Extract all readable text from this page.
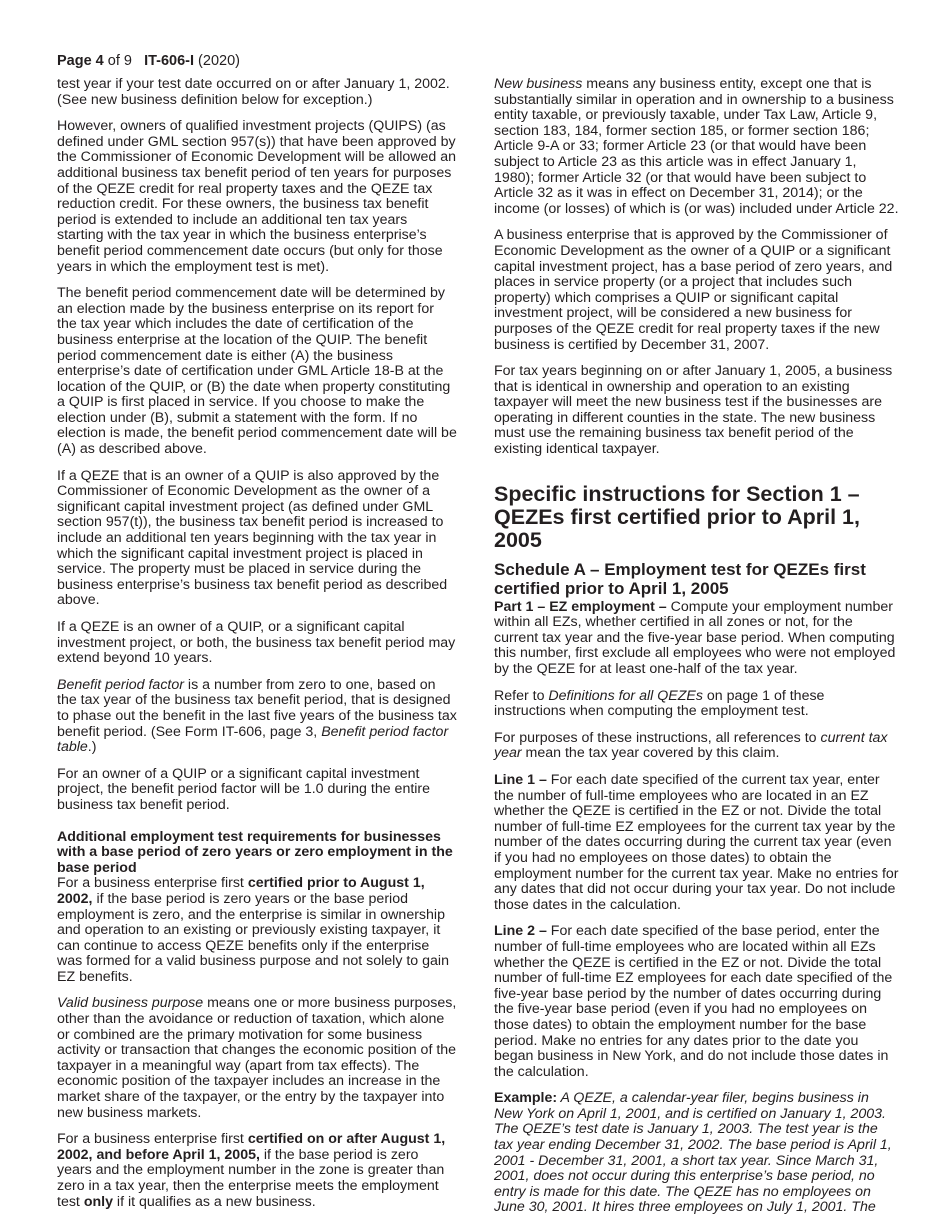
Page 4 of 9 IT-606-I (2020)

test year if your test date occurred on or after January 1, 2002. (See new business definition below for exception.)

However, owners of qualified investment projects (QUIPS) (as defined under GML section 957(s)) that have been approved by the Commissioner of Economic Development will be allowed an additional business tax benefit period of ten years for purposes of the QEZE credit for real property taxes and the QEZE tax reduction credit. For these owners, the business tax benefit period is extended to include an additional ten tax years starting with the tax year in which the business enterprise’s benefit period commencement date occurs (but only for those years in which the employment test is met).

The benefit period commencement date will be determined by an election made by the business enterprise on its report for the tax year which includes the date of certification of the business enterprise at the location of the QUIP. The benefit period commencement date is either (A) the business enterprise’s date of certification under GML Article 18-B at the location of the QUIP, or (B) the date when property constituting a QUIP is first placed in service. If you choose to make the election under (B), submit a statement with the form. If no election is made, the benefit period commencement date will be (A) as described above.

If a QEZE that is an owner of a QUIP is also approved by the Commissioner of Economic Development as the owner of a significant capital investment project (as defined under GML section 957(t)), the business tax benefit period is increased to include an additional ten years beginning with the tax year in which the significant capital investment project is placed in service. The property must be placed in service during the business enterprise’s business tax benefit period as described above.

If a QEZE is an owner of a QUIP, or a significant capital investment project, or both, the business tax benefit period may extend beyond 10 years.

Benefit period factor is a number from zero to one, based on the tax year of the business tax benefit period, that is designed to phase out the benefit in the last five years of the business tax benefit period. (See Form IT-606, page 3, Benefit period factor table.)

For an owner of a QUIP or a significant capital investment project, the benefit period factor will be 1.0 during the entire business tax benefit period.

Additional employment test requirements for businesses with a base period of zero years or zero employment in the base period

For a business enterprise first certified prior to August 1, 2002, if the base period is zero years or the base period employment is zero, and the enterprise is similar in ownership and operation to an existing or previously existing taxpayer, it can continue to access QEZE benefits only if the enterprise was formed for a valid business purpose and not solely to gain EZ benefits.

Valid business purpose means one or more business purposes, other than the avoidance or reduction of taxation, which alone or combined are the primary motivation for some business activity or transaction that changes the economic position of the taxpayer in a meaningful way (apart from tax effects). The economic position of the taxpayer includes an increase in the market share of the taxpayer, or the entry by the taxpayer into new business markets.

For a business enterprise first certified on or after August 1, 2002, and before April 1, 2005, if the base period is zero years and the employment number in the zone is greater than zero in a tax year, then the enterprise meets the employment test only if it qualifies as a new business.

New business means any business entity, except one that is substantially similar in operation and in ownership to a business entity taxable, or previously taxable, under Tax Law, Article 9, section 183, 184, former section 185, or former section 186; Article 9-A or 33; former Article 23 (or that would have been subject to Article 23 as this article was in effect January 1, 1980); former Article 32 (or that would have been subject to Article 32 as it was in effect on December 31, 2014); or the income (or losses) of which is (or was) included under Article 22.

A business enterprise that is approved by the Commissioner of Economic Development as the owner of a QUIP or a significant capital investment project, has a base period of zero years, and places in service property (or a project that includes such property) which comprises a QUIP or significant capital investment project, will be considered a new business for purposes of the QEZE credit for real property taxes if the new business is certified by December 31, 2007.

For tax years beginning on or after January 1, 2005, a business that is identical in ownership and operation to an existing taxpayer will meet the new business test if the businesses are operating in different counties in the state. The new business must use the remaining business tax benefit period of the existing identical taxpayer.

Specific instructions for Section 1 – QEZEs first certified prior to April 1, 2005
Schedule A – Employment test for QEZEs first certified prior to April 1, 2005

Part 1 – EZ employment – Compute your employment number within all EZs, whether certified in all zones or not, for the current tax year and the five-year base period. When computing this number, first exclude all employees who were not employed by the QEZE for at least one-half of the tax year.

Refer to Definitions for all QEZEs on page 1 of these instructions when computing the employment test.

For purposes of these instructions, all references to current tax year mean the tax year covered by this claim.

Line 1 – For each date specified of the current tax year, enter the number of full-time employees who are located in an EZ whether the QEZE is certified in the EZ or not. Divide the total number of full-time EZ employees for the current tax year by the number of the dates occurring during the current tax year (even if you had no employees on those dates) to obtain the employment number for the current tax year. Make no entries for any dates that did not occur during your tax year. Do not include those dates in the calculation.

Line 2 – For each date specified of the base period, enter the number of full-time employees who are located within all EZs whether the QEZE is certified in the EZ or not. Divide the total number of full-time EZ employees for each date specified of the five-year base period by the number of dates occurring during the five-year base period (even if you had no employees on those dates) to obtain the employment number for the base period. Make no entries for any dates prior to the date you began business in New York, and do not include those dates in the calculation.

Example: A QEZE, a calendar-year filer, begins business in New York on April 1, 2001, and is certified on January 1, 2003. The QEZE’s test date is January 1, 2003. The test year is the tax year ending December 31, 2002. The base period is April 1, 2001 - December 31, 2001, a short tax year. Since March 31, 2001, does not occur during this enterprise’s base period, no entry is made for this date. The QEZE has no employees on June 30, 2001. It hires three employees on July 1, 2001. The
